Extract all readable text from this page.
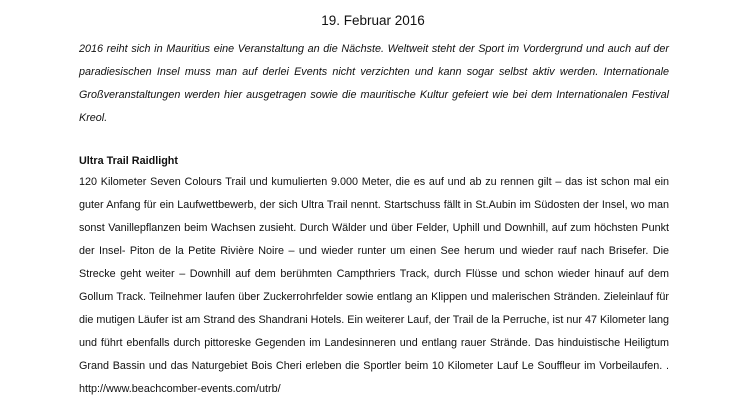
19. Februar 2016
2016 reiht sich in Mauritius eine Veranstaltung an die Nächste. Weltweit steht der Sport im Vordergrund und auch auf der paradiesischen Insel muss man auf derlei Events nicht verzichten und kann sogar selbst aktiv werden. Internationale Großveranstaltungen werden hier ausgetragen sowie die mauritische Kultur gefeiert wie bei dem Internationalen Festival Kreol.
Ultra Trail Raidlight
120 Kilometer Seven Colours Trail und kumulierten 9.000 Meter, die es auf und ab zu rennen gilt – das ist schon mal ein guter Anfang für ein Laufwettbewerb, der sich Ultra Trail nennt. Startschuss fällt in St.Aubin im Südosten der Insel, wo man sonst Vanillepflanzen beim Wachsen zusieht. Durch Wälder und über Felder, Uphill und Downhill, auf zum höchsten Punkt der Insel- Piton de la Petite Rivière Noire – und wieder runter um einen See herum und wieder rauf nach Brisefer. Die Strecke geht weiter – Downhill auf dem berühmten Campthriers Track, durch Flüsse und schon wieder hinauf auf dem Gollum Track. Teilnehmer laufen über Zuckerrohrfelder sowie entlang an Klippen und malerischen Stränden. Zieleinlauf für die mutigen Läufer ist am Strand des Shandrani Hotels. Ein weiterer Lauf, der Trail de la Perruche, ist nur 47 Kilometer lang und führt ebenfalls durch pittoreske Gegenden im Landesinneren und entlang rauer Strände. Das hinduistische Heiligtum Grand Bassin und das Naturgebiet Bois Cheri erleben die Sportler beim 10 Kilometer Lauf Le Souffleur im Vorbeilaufen. . http://www.beachcomber-events.com/utrb/
